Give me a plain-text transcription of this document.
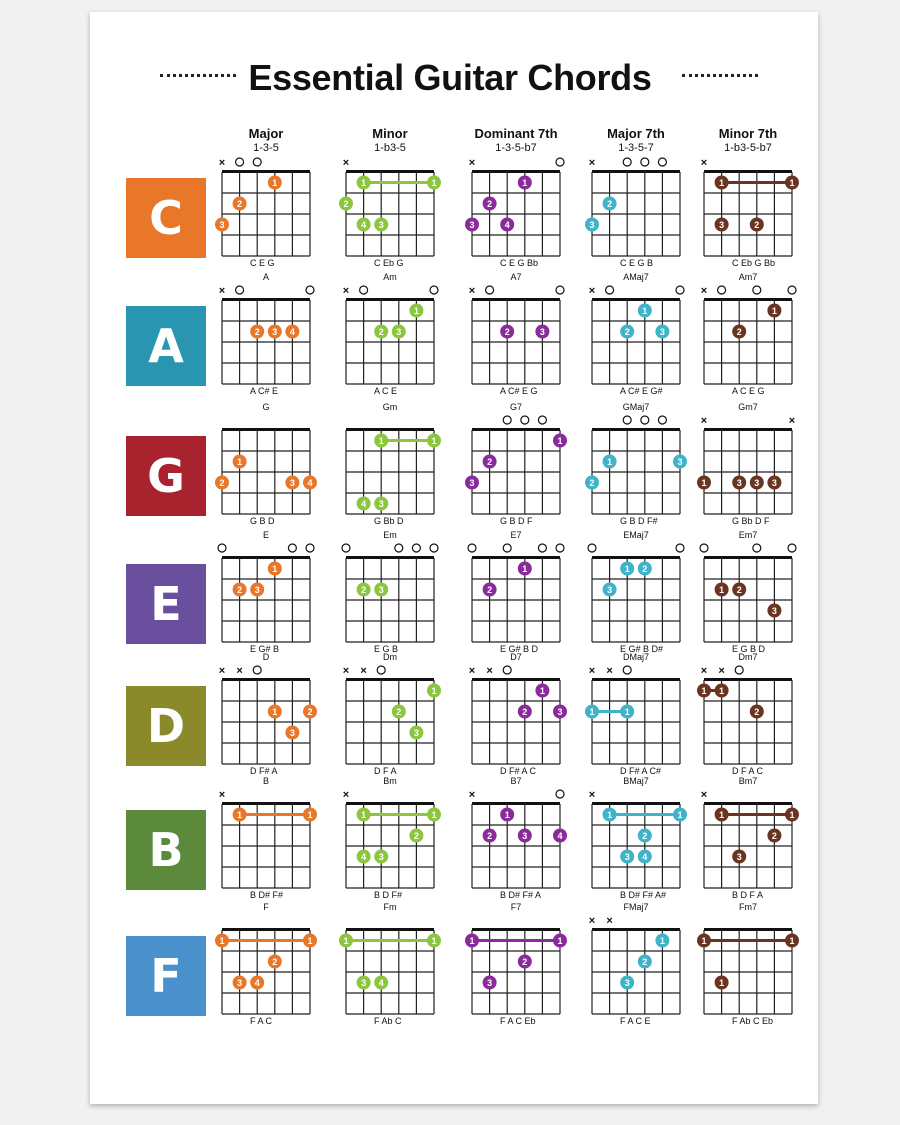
Essential Guitar Chords
Major
1-3-5
Minor
1-b3-5
Dominant 7th
1-3-5-b7
Major 7th
1-3-5-7
Minor 7th
1-b3-5-b7
C
×
1
2
3
C E G
×
1	1
3
4
2
C Eb G
×
1
2
3	4
C E G Bb
×
2
3
C E G B
×
1	1
3	2
C Eb G Bb
A
A
×
2 3 4
A C# E
Am
×
1
2 3
A C E
A7
×
2	3
A C# E G
AMaj7
×
1
2	3
A C# E G#
Am7
×
1
2
A C E G
G
G
1
2	3 4
G B D
Gm
1	1
3
4
G Bb D
G7
1
2
3
G B D F
GMaj7
1	3
2
G B D F#
Gm7
×	×
1	3 3 3
G Bb D F
E
E
1
2 3
E G# B
Em
2 3
E G B
E7
1
2
E G# B D
EMaj7
1 2
3
E G# B D#
Em7
1 2
3
E G B D
D
D
× ×
1	2
3
D F# A
Dm
× ×
1
2
3
D F A
D7
× ×
1
2	3
D F# A C
DMaj7
× ×
1	1
D F# A C#
Dm7
× ×
1 1
2
D F A C
B
B
×
1	1
B D# F#
Bm
×
1	1
3
4
2
B D F#
B7
×
1
2	3	4
B D# F# A
BMaj7
×
1	1
2
3 4
B D# F# A#
Bm7
×
1	1
2
3
B D F A
F
F
1	1
2
3 4
F A C
Fm
1	1
3 4
F Ab C
F7
1	1
2
3
F A C Eb
FMaj7
× ×
1
2
3
F A C E
Fm7
1	1
1
F Ab C Eb
